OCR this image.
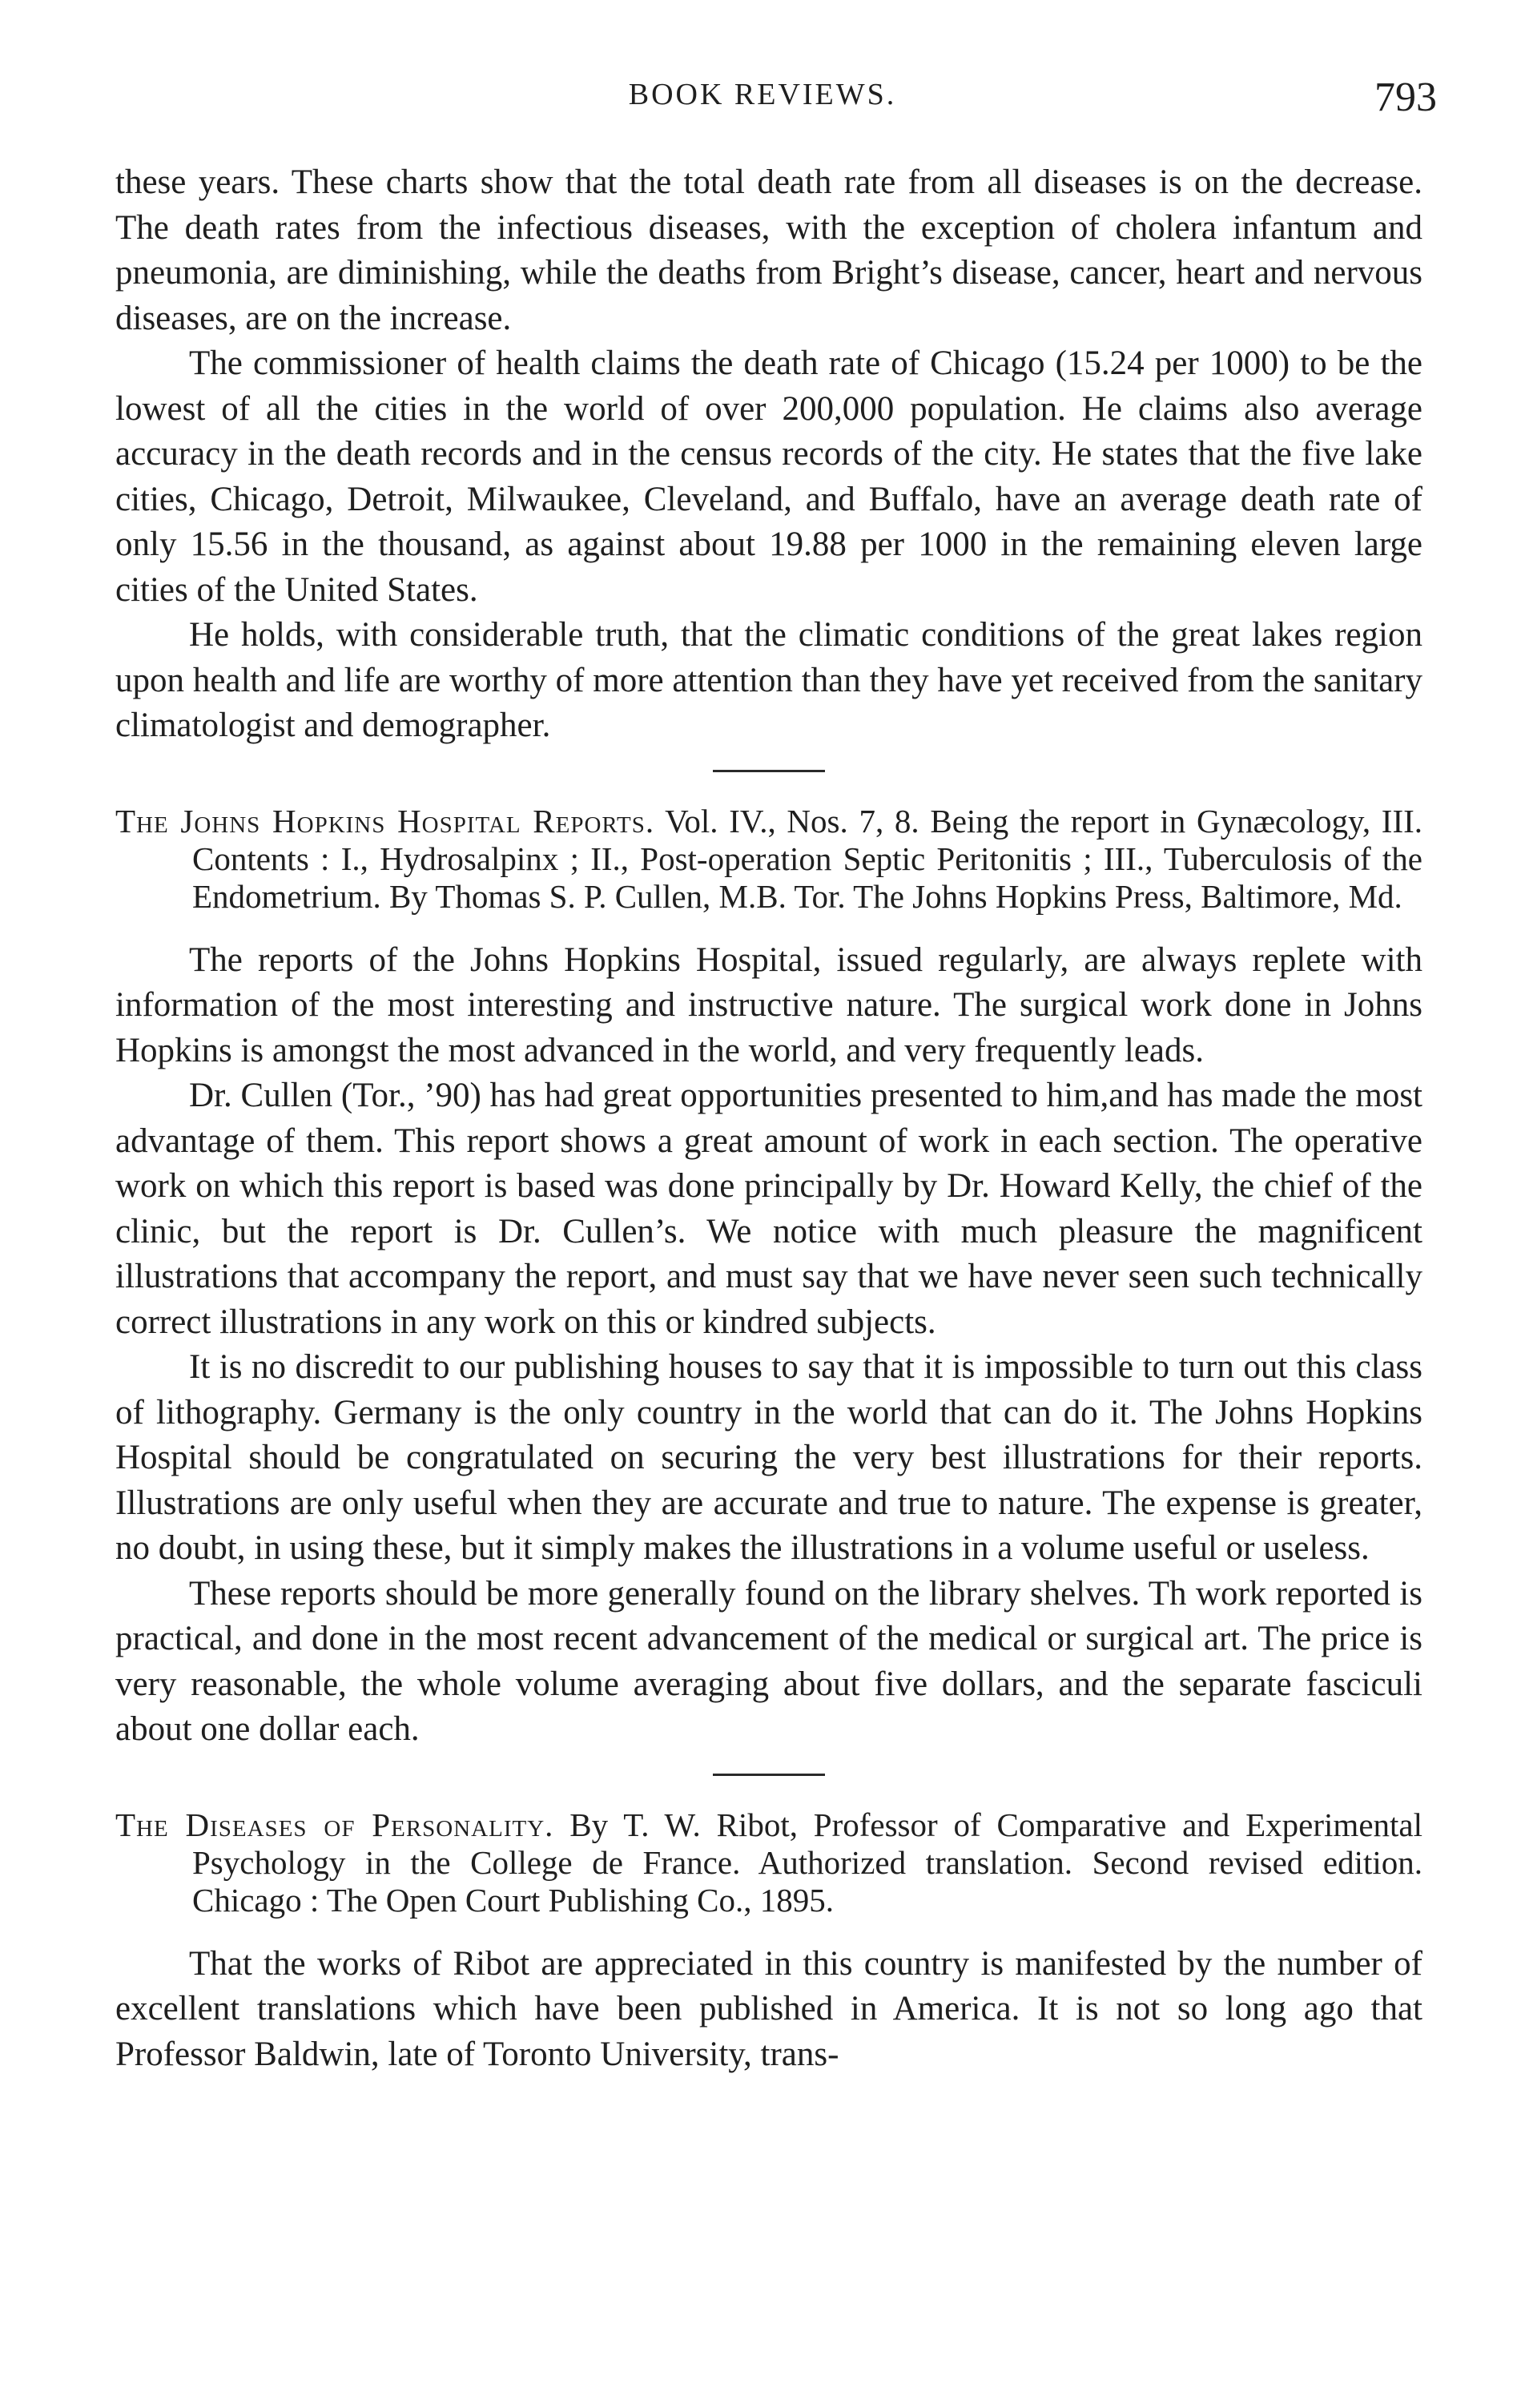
BOOK REVIEWS.	793

these years. These charts show that the total death rate from all diseases is on the decrease. The death rates from the infectious diseases, with the exception of cholera infantum and pneumonia, are diminishing, while the deaths from Bright’s disease, cancer, heart and nervous diseases, are on the increase.

The commissioner of health claims the death rate of Chicago (15.24 per 1000) to be the lowest of all the cities in the world of over 200,000 population. He claims also average accuracy in the death records and in the census records of the city. He states that the five lake cities, Chicago, Detroit, Milwaukee, Cleveland, and Buffalo, have an average death rate of only 15.56 in the thousand, as against about 19.88 per 1000 in the remaining eleven large cities of the United States.

He holds, with considerable truth, that the climatic conditions of the great lakes region upon health and life are worthy of more attention than they have yet received from the sanitary climatologist and demographer.

The Johns Hopkins Hospital Reports. Vol. IV., Nos. 7, 8. Being the report in Gynæcology, III. Contents : I., Hydrosalpinx ; II., Post-operation Septic Peritonitis ; III., Tuberculosis of the Endometrium. By Thomas S. P. Cullen, M.B. Tor. The Johns Hopkins Press, Baltimore, Md.

The reports of the Johns Hopkins Hospital, issued regularly, are always replete with information of the most interesting and instructive nature. The surgical work done in Johns Hopkins is amongst the most advanced in the world, and very frequently leads.

Dr. Cullen (Tor., ’90) has had great opportunities presented to him,and has made the most advantage of them. This report shows a great amount of work in each section. The operative work on which this report is based was done principally by Dr. Howard Kelly, the chief of the clinic, but the report is Dr. Cullen’s. We notice with much pleasure the magnificent illustrations that accompany the report, and must say that we have never seen such technically correct illustrations in any work on this or kindred subjects.

It is no discredit to our publishing houses to say that it is impossible to turn out this class of lithography. Germany is the only country in the world that can do it. The Johns Hopkins Hospital should be congratulated on securing the very best illustrations for their reports. Illustrations are only useful when they are accurate and true to nature. The expense is greater, no doubt, in using these, but it simply makes the illustrations in a volume useful or useless.

These reports should be more generally found on the library shelves. Th work reported is practical, and done in the most recent advancement of the medical or surgical art. The price is very reasonable, the whole volume averaging about five dollars, and the separate fasciculi about one dollar each.

The Diseases of Personality. By T. W. Ribot, Professor of Comparative and Experimental Psychology in the College de France. Authorized translation. Second revised edition. Chicago : The Open Court Publishing Co., 1895.

That the works of Ribot are appreciated in this country is manifested by the number of excellent translations which have been published in America. It is not so long ago that Professor Baldwin, late of Toronto University, trans-
